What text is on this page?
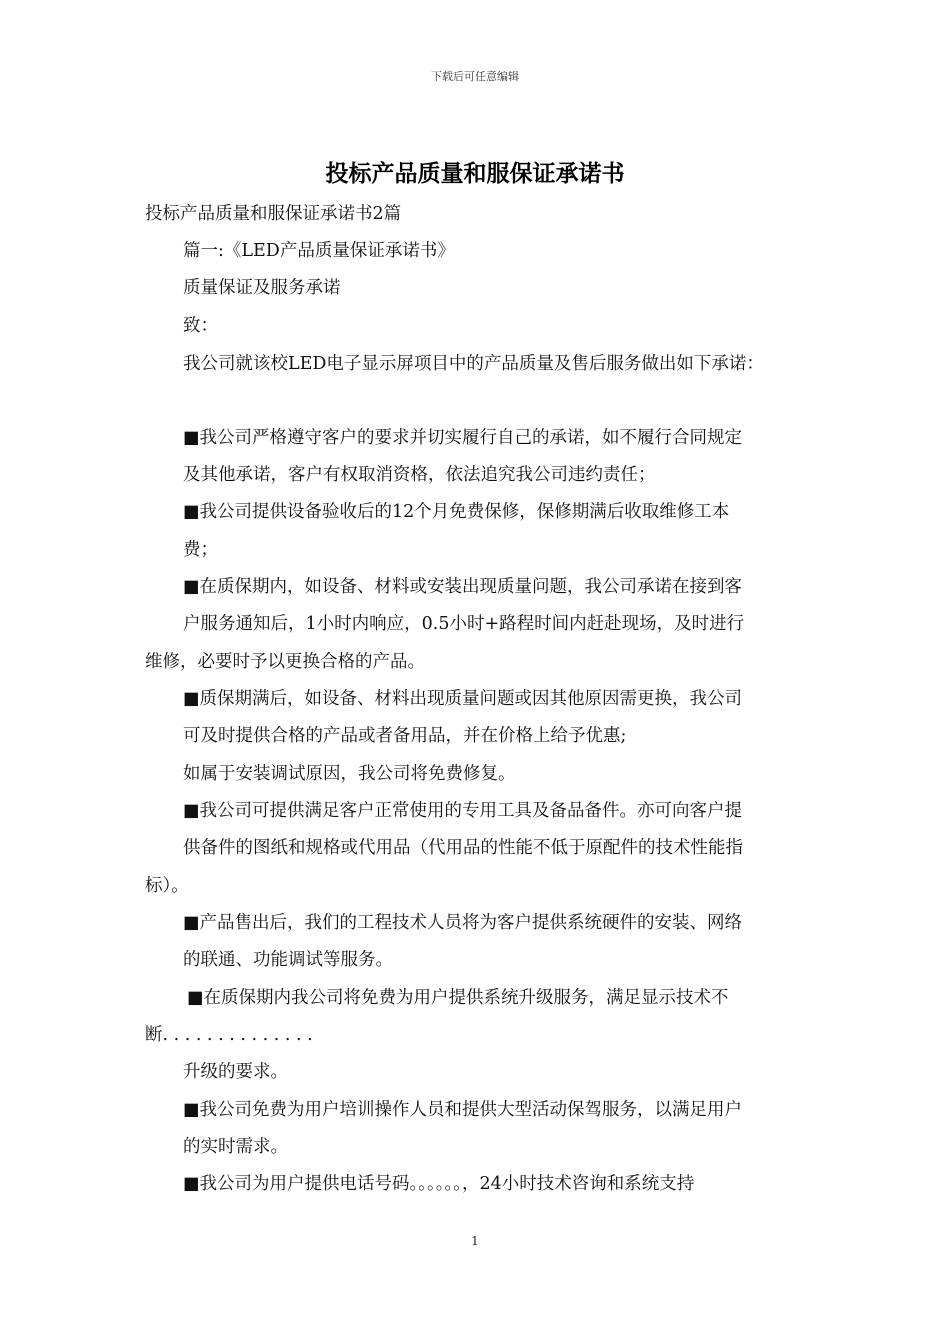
下载后可任意编辑
投标产品质量和服保证承诺书
投标产品质量和服保证承诺书2篇
篇一:《LED产品质量保证承诺书》
质量保证及服务承诺
致：
我公司就该校LED电子显示屏项目中的产品质量及售后服务做出如下承诺：
■我公司严格遵守客户的要求并切实履行自己的承诺，如不履行合同规定
及其他承诺，客户有权取消资格，依法追究我公司违约责任；
■我公司提供设备验收后的12个月免费保修，保修期满后收取维修工本
费；
■在质保期内，如设备、材料或安装出现质量问题，我公司承诺在接到客
户服务通知后，1小时内响应，0.5小时+路程时间内赶赴现场，及时进行
维修，必要时予以更换合格的产品。
■质保期满后，如设备、材料出现质量问题或因其他原因需更换，我公司
可及时提供合格的产品或者备用品，并在价格上给予优惠;
如属于安装调试原因，我公司将免费修复。
■我公司可提供满足客户正常使用的专用工具及备品备件。亦可向客户提
供备件的图纸和规格或代用品（代用品的性能不低于原配件的技术性能指
标）。
■产品售出后，我们的工程技术人员将为客户提供系统硬件的安装、网络
的联通、功能调试等服务。
■在质保期内我公司将免费为用户提供系统升级服务，满足显示技术不
断. . . . . . . . . . . . . .
升级的要求。
■我公司免费为用户培训操作人员和提供大型活动保驾服务，以满足用户
的实时需求。
■我公司为用户提供电话号码。。。。。。，24小时技术咨询和系统支持
1
